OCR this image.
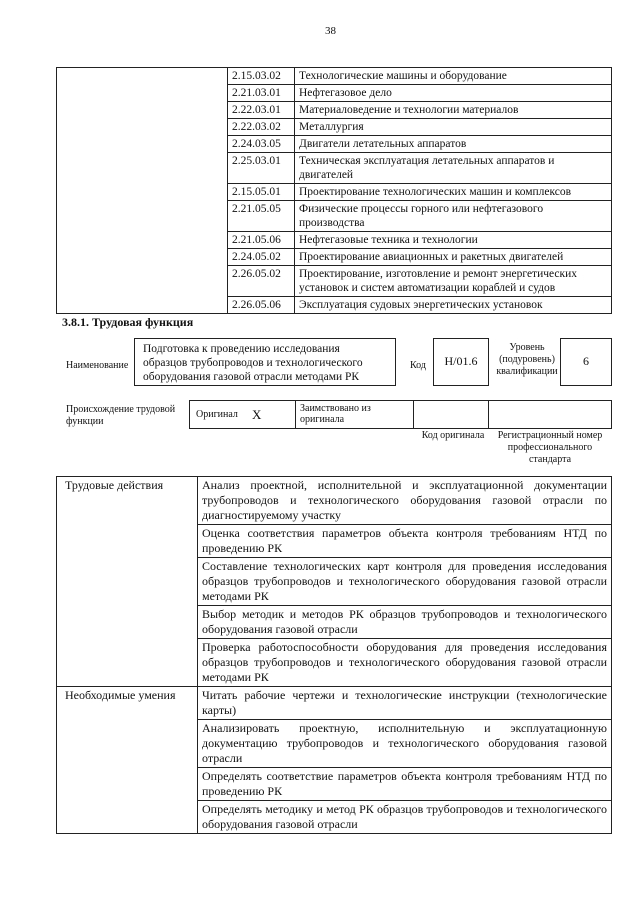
38
	2.15.03.02	Технологические машины и оборудование
	2.21.03.01	Нефтегазовое дело
	2.22.03.01	Материаловедение и технологии материалов
	2.22.03.02	Металлургия
	2.24.03.05	Двигатели летательных аппаратов
	2.25.03.01	Техническая эксплуатация летательных аппаратов и двигателей
	2.15.05.01	Проектирование технологических машин и комплексов
	2.21.05.05	Физические процессы горного или нефтегазового производства
	2.21.05.06	Нефтегазовые техника и технологии
	2.24.05.02	Проектирование авиационных и ракетных двигателей
	2.26.05.02	Проектирование, изготовление и ремонт энергетических установок и систем автоматизации кораблей и судов
	2.26.05.06	Эксплуатация судовых энергетических установок
3.8.1. Трудовая функция
Наименование
Подготовка к проведению исследования образцов трубопроводов и технологического оборудования газовой отрасли методами РК
Код	Н/01.6
Уровень (подуровень) квалификации
6
Происхождение трудовой функции
Оригинал X	Заимствовано из оригинала
Код оригинала	Регистрационный номер профессионального стандарта
Трудовые действия	Анализ проектной, исполнительной и эксплуатационной документации трубопроводов и технологического оборудования газовой отрасли по диагностируемому участку
	Оценка соответствия параметров объекта контроля требованиям НТД по проведению РК
	Составление технологических карт контроля для проведения исследования образцов трубопроводов и технологического оборудования газовой отрасли методами РК
	Выбор методик и методов РК образцов трубопроводов и технологического оборудования газовой отрасли
	Проверка работоспособности оборудования для проведения исследования образцов трубопроводов и технологического оборудования газовой отрасли методами РК
Необходимые умения	Читать рабочие чертежи и технологические инструкции (технологические карты)
	Анализировать проектную, исполнительную и эксплуатационную документацию трубопроводов и технологического оборудования газовой отрасли
	Определять соответствие параметров объекта контроля требованиям НТД по проведению РК
	Определять методику и метод РК образцов трубопроводов и технологического оборудования газовой отрасли
